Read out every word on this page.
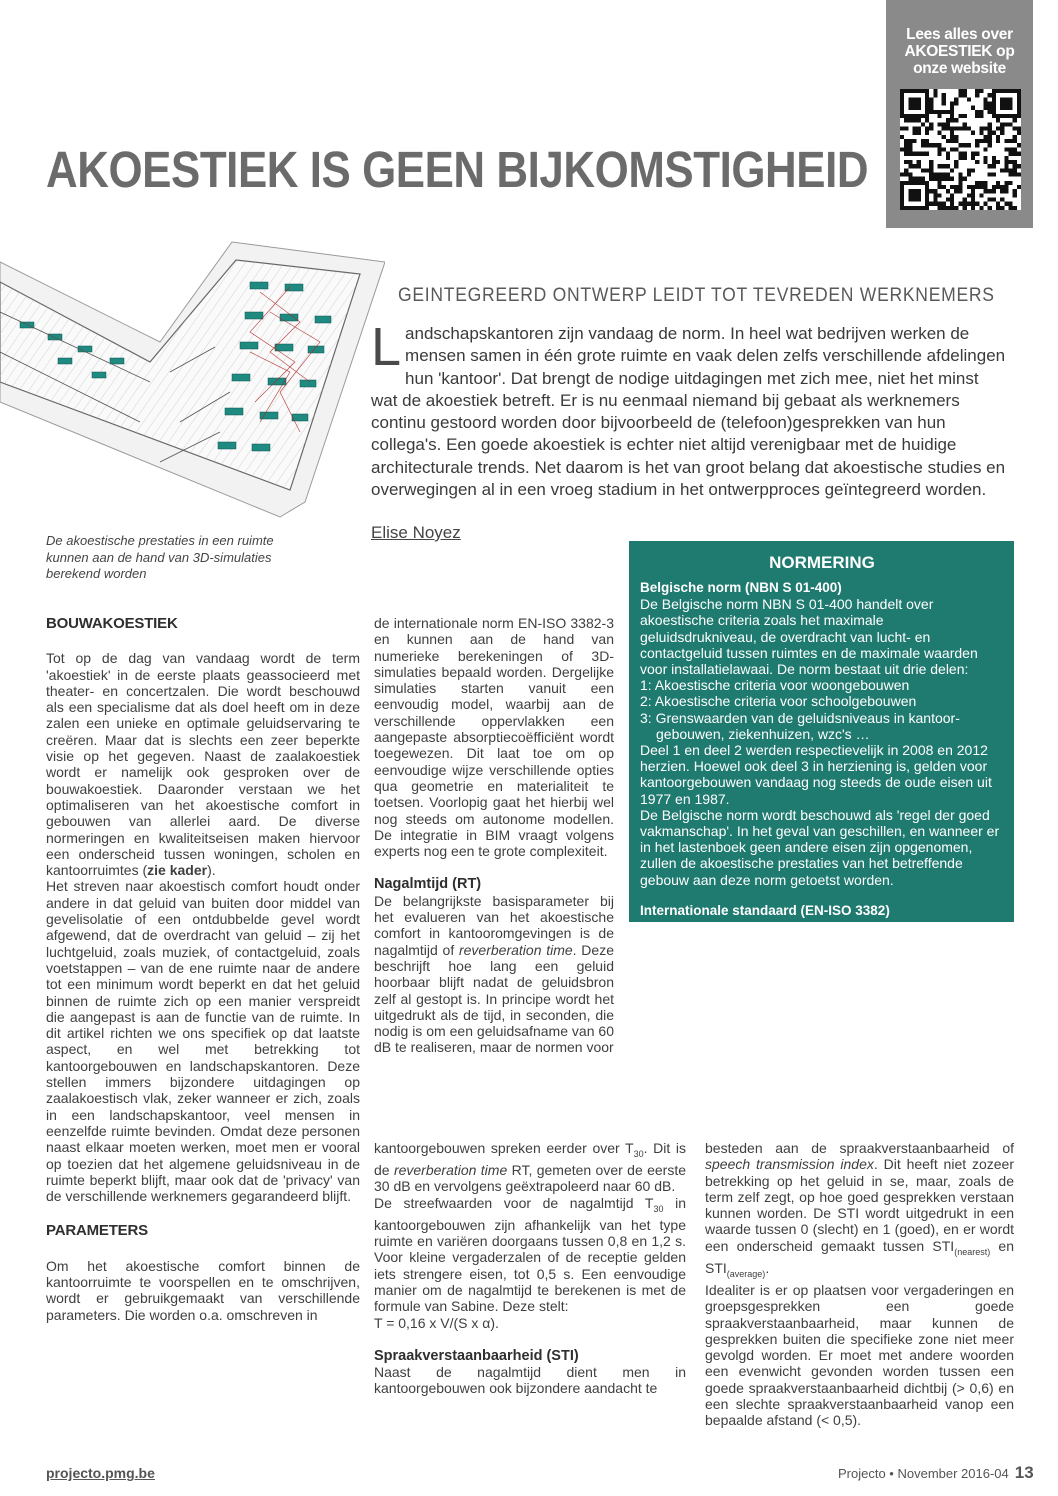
Lees alles over
AKOESTIEK op
onze website
AKOESTIEK IS GEEN BIJKOMSTIGHEID
GEINTEGREERD ONTWERP LEIDT TOT TEVREDEN WERKNEMERS
Landschapskantoren zijn vandaag de norm. In heel wat bedrijven werken de mensen samen in één grote ruimte en vaak delen zelfs verschillende afdelingen hun 'kantoor'. Dat brengt de nodige uitdagingen met zich mee, niet het minst wat de akoestiek betreft. Er is nu eenmaal niemand bij gebaat als werknemers continu gestoord worden door bijvoorbeeld de (telefoon)gesprekken van hun collega's. Een goede akoestiek is echter niet altijd verenigbaar met de huidige architecturale trends. Net daarom is het van groot belang dat akoestische studies en overwegingen al in een vroeg stadium in het ontwerpproces geïntegreerd worden.
Elise Noyez
De akoestische prestaties in een ruimte kunnen aan de hand van 3D-simulaties berekend worden

BOUWAKOESTIEK

Tot op de dag van vandaag wordt de term 'akoestiek' in de eerste plaats geassocieerd met theater- en concertzalen. Die wordt beschouwd als een specialisme dat als doel heeft om in deze zalen een unieke en optimale geluidservaring te creëren. Maar dat is slechts een zeer beperkte visie op het gegeven. Naast de zaalakoestiek wordt er namelijk ook gesproken over de bouwakoestiek. Daaronder verstaan we het optimaliseren van het akoestische comfort in gebouwen van allerlei aard. De diverse normeringen en kwaliteitseisen maken hiervoor een onderscheid tussen woningen, scholen en kantoorruimtes (zie kader).

Het streven naar akoestisch comfort houdt onder andere in dat geluid van buiten door middel van gevelisolatie of een ontdubbelde gevel wordt afgewend, dat de overdracht van geluid – zij het luchtgeluid, zoals muziek, of contactgeluid, zoals voetstappen – van de ene ruimte naar de andere tot een minimum wordt beperkt en dat het geluid binnen de ruimte zich op een manier verspreidt die aangepast is aan de functie van de ruimte. In dit artikel richten we ons specifiek op dat laatste aspect, en wel met betrekking tot kantoorgebouwen en landschapskantoren. Deze stellen immers bijzondere uitdagingen op zaalakoestisch vlak, zeker wanneer er zich, zoals in een landschapskantoor, veel mensen in eenzelfde ruimte bevinden. Omdat deze personen naast elkaar moeten werken, moet men er vooral op toezien dat het algemene geluidsniveau in de ruimte beperkt blijft, maar ook dat de 'privacy' van de verschillende werknemers gegarandeerd blijft.

PARAMETERS

Om het akoestische comfort binnen de kantoorruimte te voorspellen en te omschrijven, wordt er gebruikgemaakt van verschillende parameters. Die worden o.a. omschreven in

de internationale norm EN-ISO 3382-3 en kunnen aan de hand van numerieke berekeningen of 3D-simulaties bepaald worden. Dergelijke simulaties starten vanuit een eenvoudig model, waarbij aan de verschillende oppervlakken een aangepaste absorptiecoëfficiënt wordt toegewezen. Dit laat toe om op eenvoudige wijze verschillende opties qua geometrie en materialiteit te toetsen. Voorlopig gaat het hierbij wel nog steeds om autonome modellen. De integratie in BIM vraagt volgens experts nog een te grote complexiteit.

Nagalmtijd (RT)

De belangrijkste basisparameter bij het evalueren van het akoestische comfort in kantooromgevingen is de nagalmtijd of reverberation time. Deze beschrijft hoe lang een geluid hoorbaar blijft nadat de geluidsbron zelf al gestopt is. In principe wordt het uitgedrukt als de tijd, in seconden, die nodig is om een geluidsafname van 60 dB te realiseren, maar de normen voor

kantoorgebouwen spreken eerder over $T_{30}$. Dit is de reverberation time RT, gemeten over de eerste 30 dB en vervolgens geëxtrapoleerd naar 60 dB.

De streefwaarden voor de nagalmtijd $T_{30}$ in kantoorgebouwen zijn afhankelijk van het type ruimte en variëren doorgaans tussen 0,8 en 1,2 s. Voor kleine vergaderzalen of de receptie gelden iets strengere eisen, tot 0,5 s. Een eenvoudige manier om de nagalmtijd te berekenen is met de formule van Sabine. Deze stelt:

T = 0,16 x V/(S x α).

Spraakverstaanbaarheid (STI)

Naast de nagalmtijd dient men in kantoorgebouwen ook bijzondere aandacht te

besteden aan de spraakverstaanbaarheid of speech transmission index. Dit heeft niet zozeer betrekking op het geluid in se, maar, zoals de term zelf zegt, op hoe goed gesprekken verstaan kunnen worden. De STI wordt uitgedrukt in een waarde tussen 0 (slecht) en 1 (goed), en er wordt een onderscheid gemaakt tussen $STI_{(nearest)}$ en $STI_{(average)}$.

Idealiter is er op plaatsen voor vergaderingen en groepsgesprekken een goede spraakverstaanbaarheid, maar kunnen de gesprekken buiten die specifieke zone niet meer gevolgd worden. Er moet met andere woorden een evenwicht gevonden worden tussen een goede spraakverstaanbaarheid dichtbij (> 0,6) en een slechte spraakverstaanbaarheid vanop een bepaalde afstand (< 0,5).

NORMERING

Belgische norm (NBN S 01-400)

De Belgische norm NBN S 01-400 handelt over akoestische criteria zoals het maximale geluidsdrukniveau, de overdracht van lucht- en contactgeluid tussen ruimtes en de maximale waarden voor installatielawaai. De norm bestaat uit drie delen:

1: Akoestische criteria voor woongebouwen

2: Akoestische criteria voor schoolgebouwen

3: Grenswaarden van de geluidsniveaus in kantoor-

gebouwen, ziekenhuizen, wzc's …

Deel 1 en deel 2 werden respectievelijk in 2008 en 2012 herzien. Hoewel ook deel 3 in herziening is, gelden voor kantoorgebouwen vandaag nog steeds de oude eisen uit 1977 en 1987.

De Belgische norm wordt beschouwd als 'regel der goed vakmanschap'. In het geval van geschillen, en wanneer er in het lastenboek geen andere eisen zijn opgenomen, zullen de akoestische prestaties van het betreffende gebouw aan deze norm getoetst worden.

Internationale standaard (EN-ISO 3382)

De internationale standaard is een normenserie waarin akoestische kwaliteitseisen voor binnen bepaalde ruimtes worden vastgelegd. Ook deze norm bestaat uit drie delen:

1: Meting van zaalakoestische parameters

2: Nagalmtijdmeting in gewone ruimtes

3: Parameters voor de beoordeling

van de akoestiek in kantoortuinen

projecto.pmg.be	Projecto • November 2016-04 13
